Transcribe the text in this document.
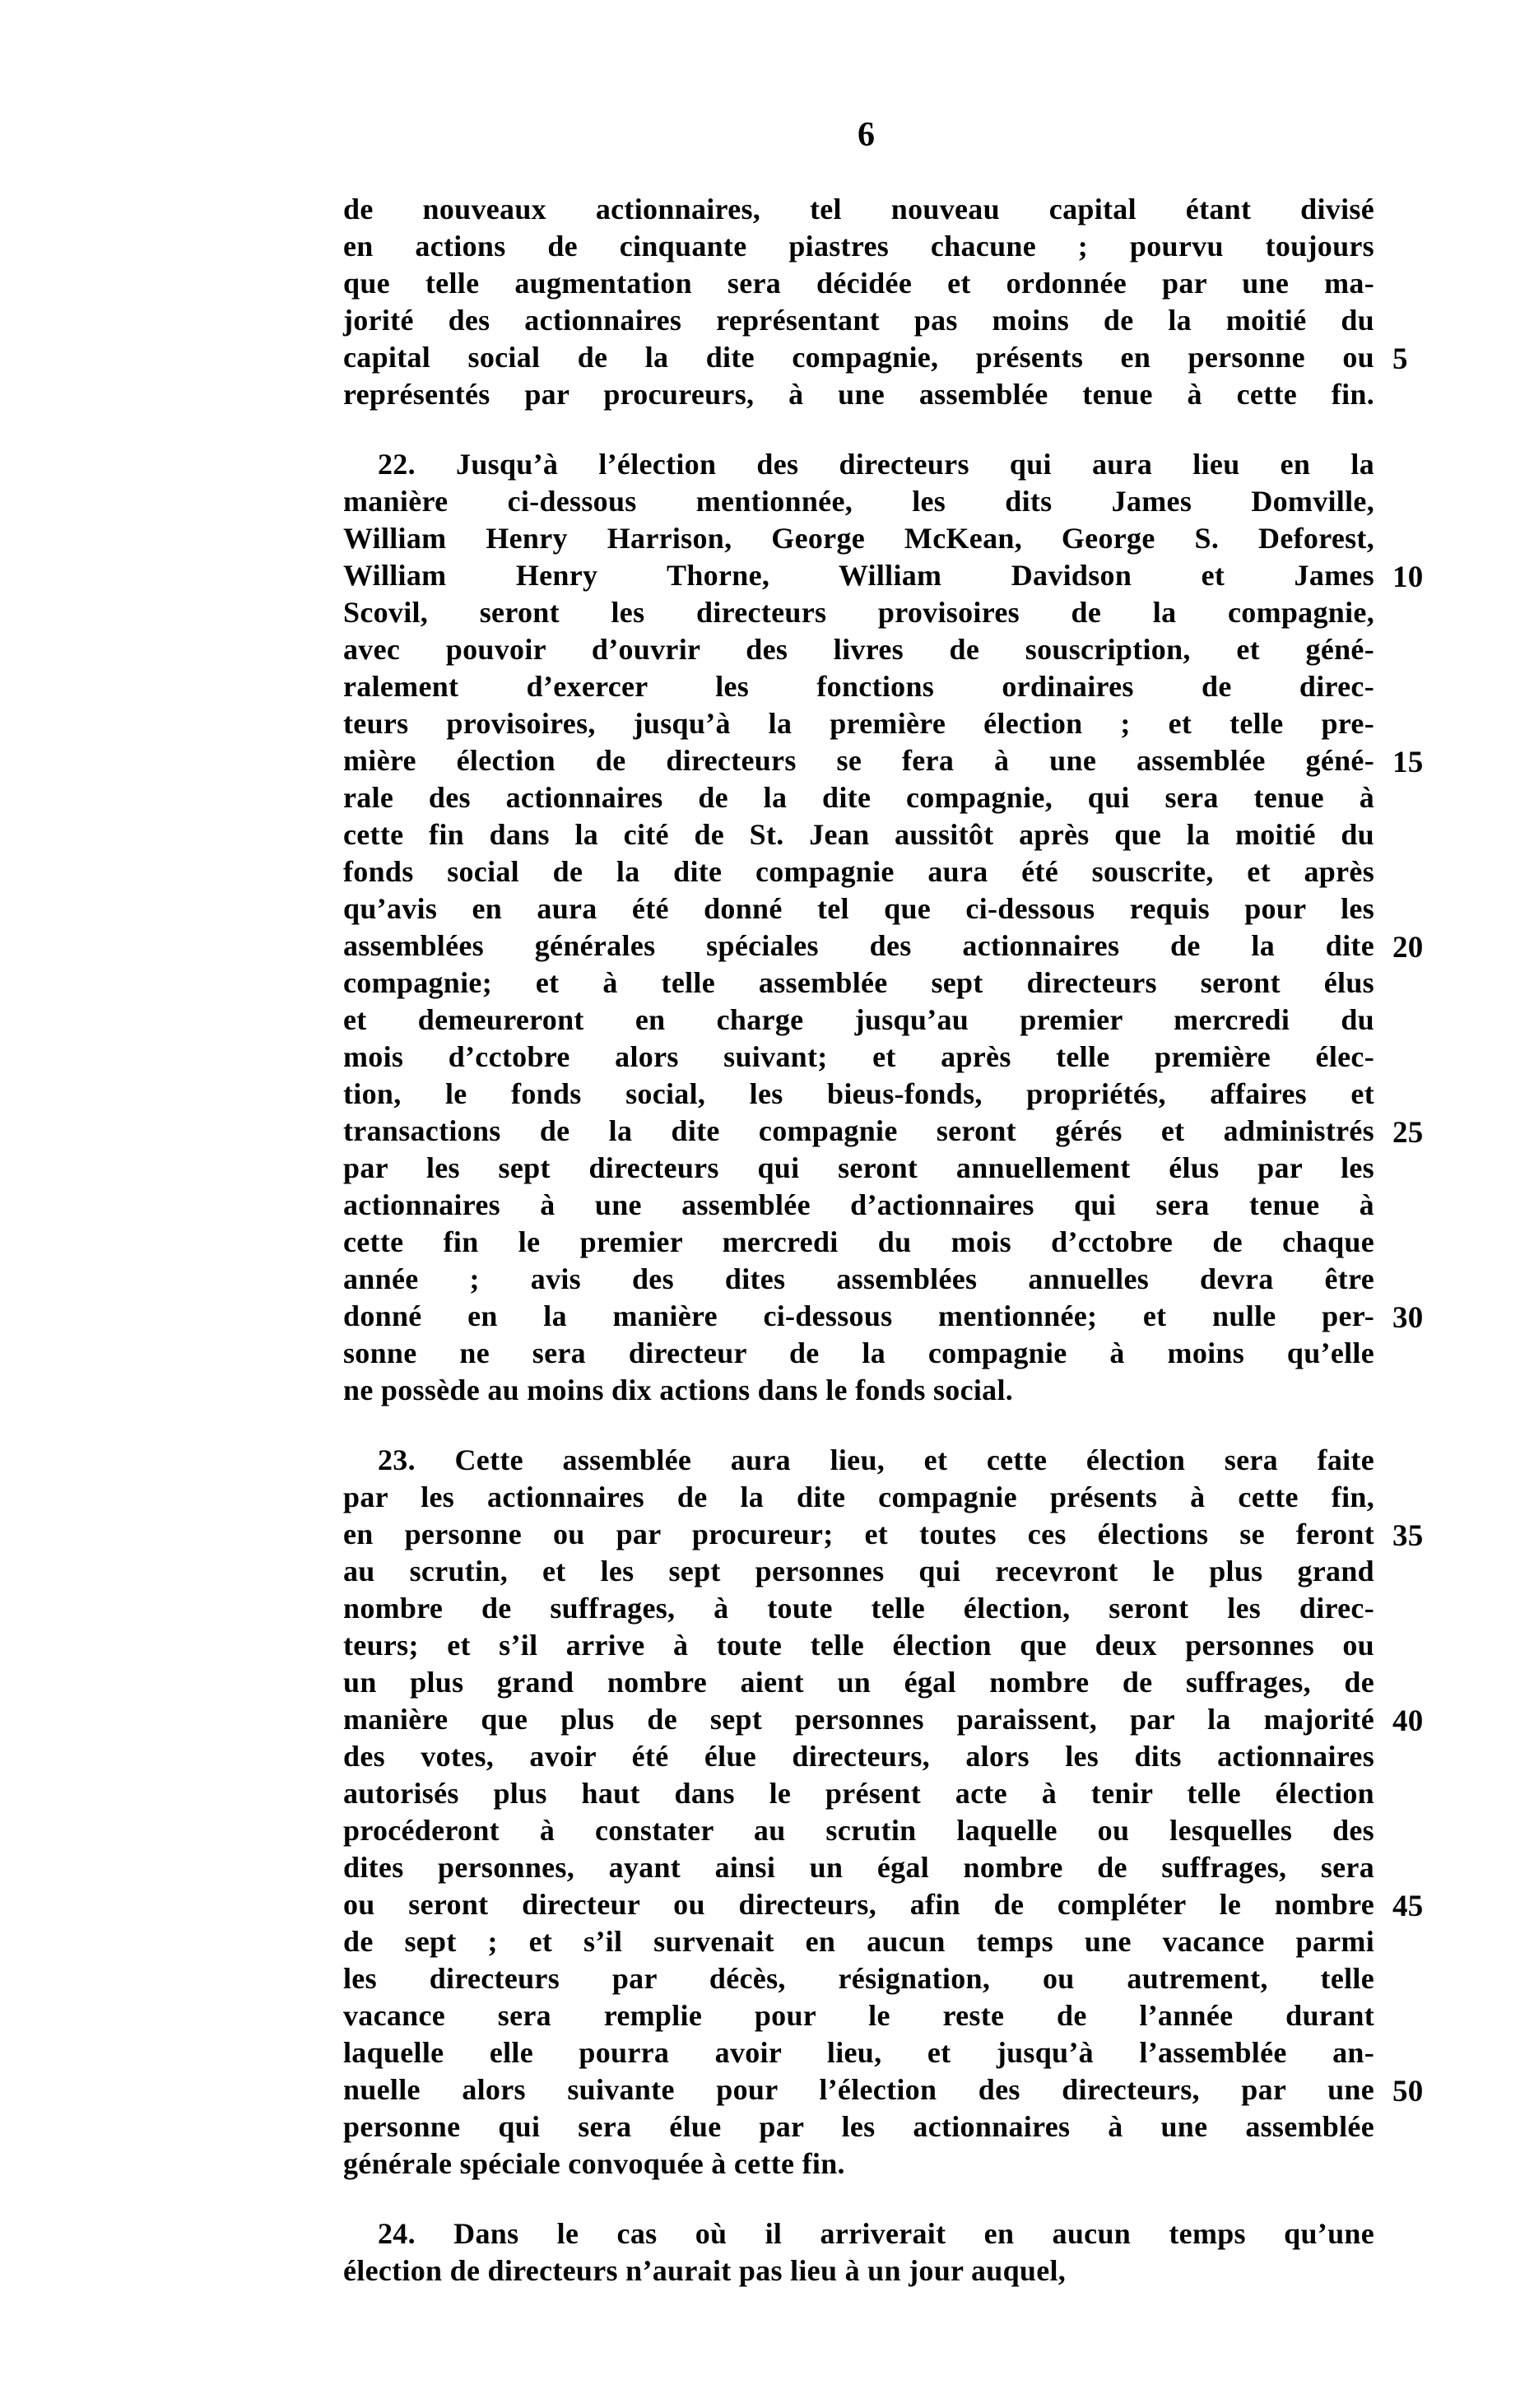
6
de nouveaux actionnaires, tel nouveau capital étant divisé
en actions de cinquante piastres chacune ; pourvu toujours
que telle augmentation sera décidée et ordonnée par une ma-
jorité des actionnaires représentant pas moins de la moitié du
capital social de la dite compagnie, présents en personne ou 5
représentés par procureurs, à une assemblée tenue à cette fin.
22. Jusqu’à l’élection des directeurs qui aura lieu en la
manière ci-dessous mentionnée, les dits James Domville,
William Henry Harrison, George McKean, George S. Deforest,
William Henry Thorne, William Davidson et James 10
Scovil, seront les directeurs provisoires de la compagnie,
avec pouvoir d’ouvrir des livres de souscription, et géné-
ralement d’exercer les fonctions ordinaires de direc-
teurs provisoires, jusqu’à la première élection ; et telle pre-
mière élection de directeurs se fera à une assemblée géné- 15
rale des actionnaires de la dite compagnie, qui sera tenue à
cette fin dans la cité de St. Jean aussitôt après que la moitié du
fonds social de la dite compagnie aura été souscrite, et après
qu’avis en aura été donné tel que ci-dessous requis pour les
assemblées générales spéciales des actionnaires de la dite 20
compagnie; et à telle assemblée sept directeurs seront élus
et demeureront en charge jusqu’au premier mercredi du
mois d’cctobre alors suivant; et après telle première élec-
tion, le fonds social, les bieus-fonds, propriétés, affaires et
transactions de la dite compagnie seront gérés et administrés 25
par les sept directeurs qui seront annuellement élus par les
actionnaires à une assemblée d’actionnaires qui sera tenue à
cette fin le premier mercredi du mois d’cctobre de chaque
année ; avis des dites assemblées annuelles devra être
donné en la manière ci-dessous mentionnée; et nulle per- 30
sonne ne sera directeur de la compagnie à moins qu’elle
ne possède au moins dix actions dans le fonds social.
23. Cette assemblée aura lieu, et cette élection sera faite
par les actionnaires de la dite compagnie présents à cette fin,
en personne ou par procureur; et toutes ces élections se feront 35
au scrutin, et les sept personnes qui recevront le plus grand
nombre de suffrages, à toute telle élection, seront les direc-
teurs; et s’il arrive à toute telle élection que deux personnes ou
un plus grand nombre aient un égal nombre de suffrages, de
manière que plus de sept personnes paraissent, par la majorité 40
des votes, avoir été élue directeurs, alors les dits actionnaires
autorisés plus haut dans le présent acte à tenir telle élection
procéderont à constater au scrutin laquelle ou lesquelles des
dites personnes, ayant ainsi un égal nombre de suffrages, sera
ou seront directeur ou directeurs, afin de compléter le nombre 45
de sept ; et s’il survenait en aucun temps une vacance parmi
les directeurs par décès, résignation, ou autrement, telle
vacance sera remplie pour le reste de l’année durant
laquelle elle pourra avoir lieu, et jusqu’à l’assemblée an-
nuelle alors suivante pour l’élection des directeurs, par une 50
personne qui sera élue par les actionnaires à une assemblée
générale spéciale convoquée à cette fin.
24. Dans le cas où il arriverait en aucun temps qu’une
élection de directeurs n’aurait pas lieu à un jour auquel,
